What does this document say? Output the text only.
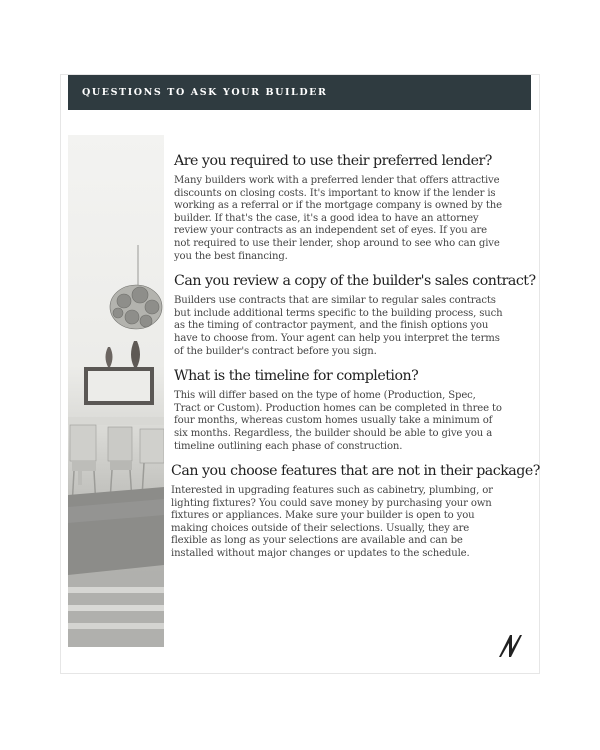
QUESTIONS TO ASK YOUR BUILDER
Are you required to use their preferred lender?

Many builders work with a preferred lender that offers attractive discounts on closing costs. It's important to know if the lender is working as a referral or if the mortgage company is owned by the builder. If that's the case, it's a good idea to have an attorney review your contracts as an independent set of eyes. If you are not required to use their lender, shop around to see who can give you the best financing.

Can you review a copy of the builder's sales contract?

Builders use contracts that are similar to regular sales contracts but include additional terms specific to the building process, such as the timing of contractor payment, and the finish options you have to choose from. Your agent can help you interpret the terms of the builder's contract before you sign.

What is the timeline for completion?

This will differ based on the type of home (Production, Spec, Tract or Custom). Production homes can be completed in three to four months, whereas custom homes usually take a minimum of six months. Regardless, the builder should be able to give you a timeline outlining each phase of construction.

Can you choose features that are not in their package?

Interested in upgrading features such as cabinetry, plumbing, or lighting fixtures? You could save money by purchasing your own fixtures or appliances. Make sure your builder is open to you making choices outside of their selections. Usually, they are flexible as long as your selections are available and can be installed without major changes or updates to the schedule.
